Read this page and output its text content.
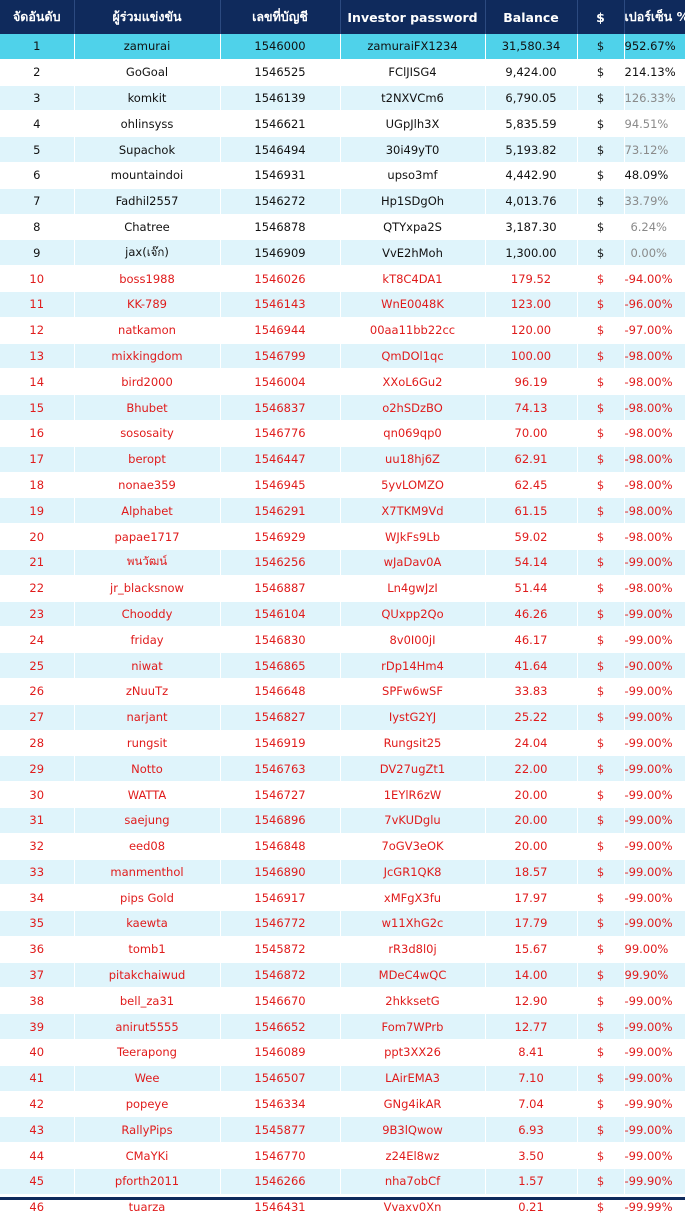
จัดอันดับ	ผู้ร่วมแข่งขัน	เลขที่บัญชี	Investor password	Balance	$	เปอร์เซ็น %
1	zamurai	1546000	zamuraiFX1234	31,580.34	$	952.67%
2	GoGoal	1546525	FClJISG4	9,424.00	$	214.13%
3	komkit	1546139	t2NXVCm6	6,790.05	$	126.33%
4	ohlinsyss	1546621	UGpJlh3X	5,835.59	$	94.51%
5	Supachok	1546494	30i49yT0	5,193.82	$	73.12%
6	mountaindoi	1546931	upso3mf	4,442.90	$	48.09%
7	Fadhil2557	1546272	Hp1SDgOh	4,013.76	$	33.79%
8	Chatree	1546878	QTYxpa2S	3,187.30	$	6.24%
9	jax(เจ๊ก)	1546909	VvE2hMoh	1,300.00	$	0.00%
10	boss1988	1546026	kT8C4DA1	179.52	$	-94.00%
11	KK-789	1546143	WnE0048K	123.00	$	-96.00%
12	natkamon	1546944	00aa11bb22cc	120.00	$	-97.00%
13	mixkingdom	1546799	QmDOl1qc	100.00	$	-98.00%
14	bird2000	1546004	XXoL6Gu2	96.19	$	-98.00%
15	Bhubet	1546837	o2hSDzBO	74.13	$	-98.00%
16	sososaity	1546776	qn069qp0	70.00	$	-98.00%
17	beropt	1546447	uu18hj6Z	62.91	$	-98.00%
18	nonae359	1546945	5yvLOMZO	62.45	$	-98.00%
19	Alphabet	1546291	X7TKM9Vd	61.15	$	-98.00%
20	papae1717	1546929	WJkFs9Lb	59.02	$	-98.00%
21	พนวัฒน์	1546256	wJaDav0A	54.14	$	-99.00%
22	jr_blacksnow	1546887	Ln4gwJzI	51.44	$	-98.00%
23	Chooddy	1546104	QUxpp2Qo	46.26	$	-99.00%
24	friday	1546830	8v0I00jI	46.17	$	-99.00%
25	niwat	1546865	rDp14Hm4	41.64	$	-90.00%
26	zNuuTz	1546648	SPFw6wSF	33.83	$	-99.00%
27	narjant	1546827	IystG2YJ	25.22	$	-99.00%
28	rungsit	1546919	Rungsit25	24.04	$	-99.00%
29	Notto	1546763	DV27ugZt1	22.00	$	-99.00%
30	WATTA	1546727	1EYlR6zW	20.00	$	-99.00%
31	saejung	1546896	7vKUDglu	20.00	$	-99.00%
32	eed08	1546848	7oGV3eOK	20.00	$	-99.00%
33	manmenthol	1546890	JcGR1QK8	18.57	$	-99.00%
34	pips Gold	1546917	xMFgX3fu	17.97	$	-99.00%
35	kaewta	1546772	w11XhG2c	17.79	$	-99.00%
36	tomb1	1545872	rR3d8l0j	15.67	$	99.00%
37	pitakchaiwud	1546872	MDeC4wQC	14.00	$	99.90%
38	bell_za31	1546670	2hkksetG	12.90	$	-99.00%
39	anirut5555	1546652	Fom7WPrb	12.77	$	-99.00%
40	Teerapong	1546089	ppt3XX26	8.41	$	-99.00%
41	Wee	1546507	LAirEMA3	7.10	$	-99.00%
42	popeye	1546334	GNg4ikAR	7.04	$	-99.90%
43	RallyPips	1545877	9B3lQwow	6.93	$	-99.00%
44	CMaYKi	1546770	z24El8wz	3.50	$	-99.00%
45	pforth2011	1546266	nha7obCf	1.57	$	-99.90%
46	tuarza	1546431	Vvaxv0Xn	0.21	$	-99.99%
